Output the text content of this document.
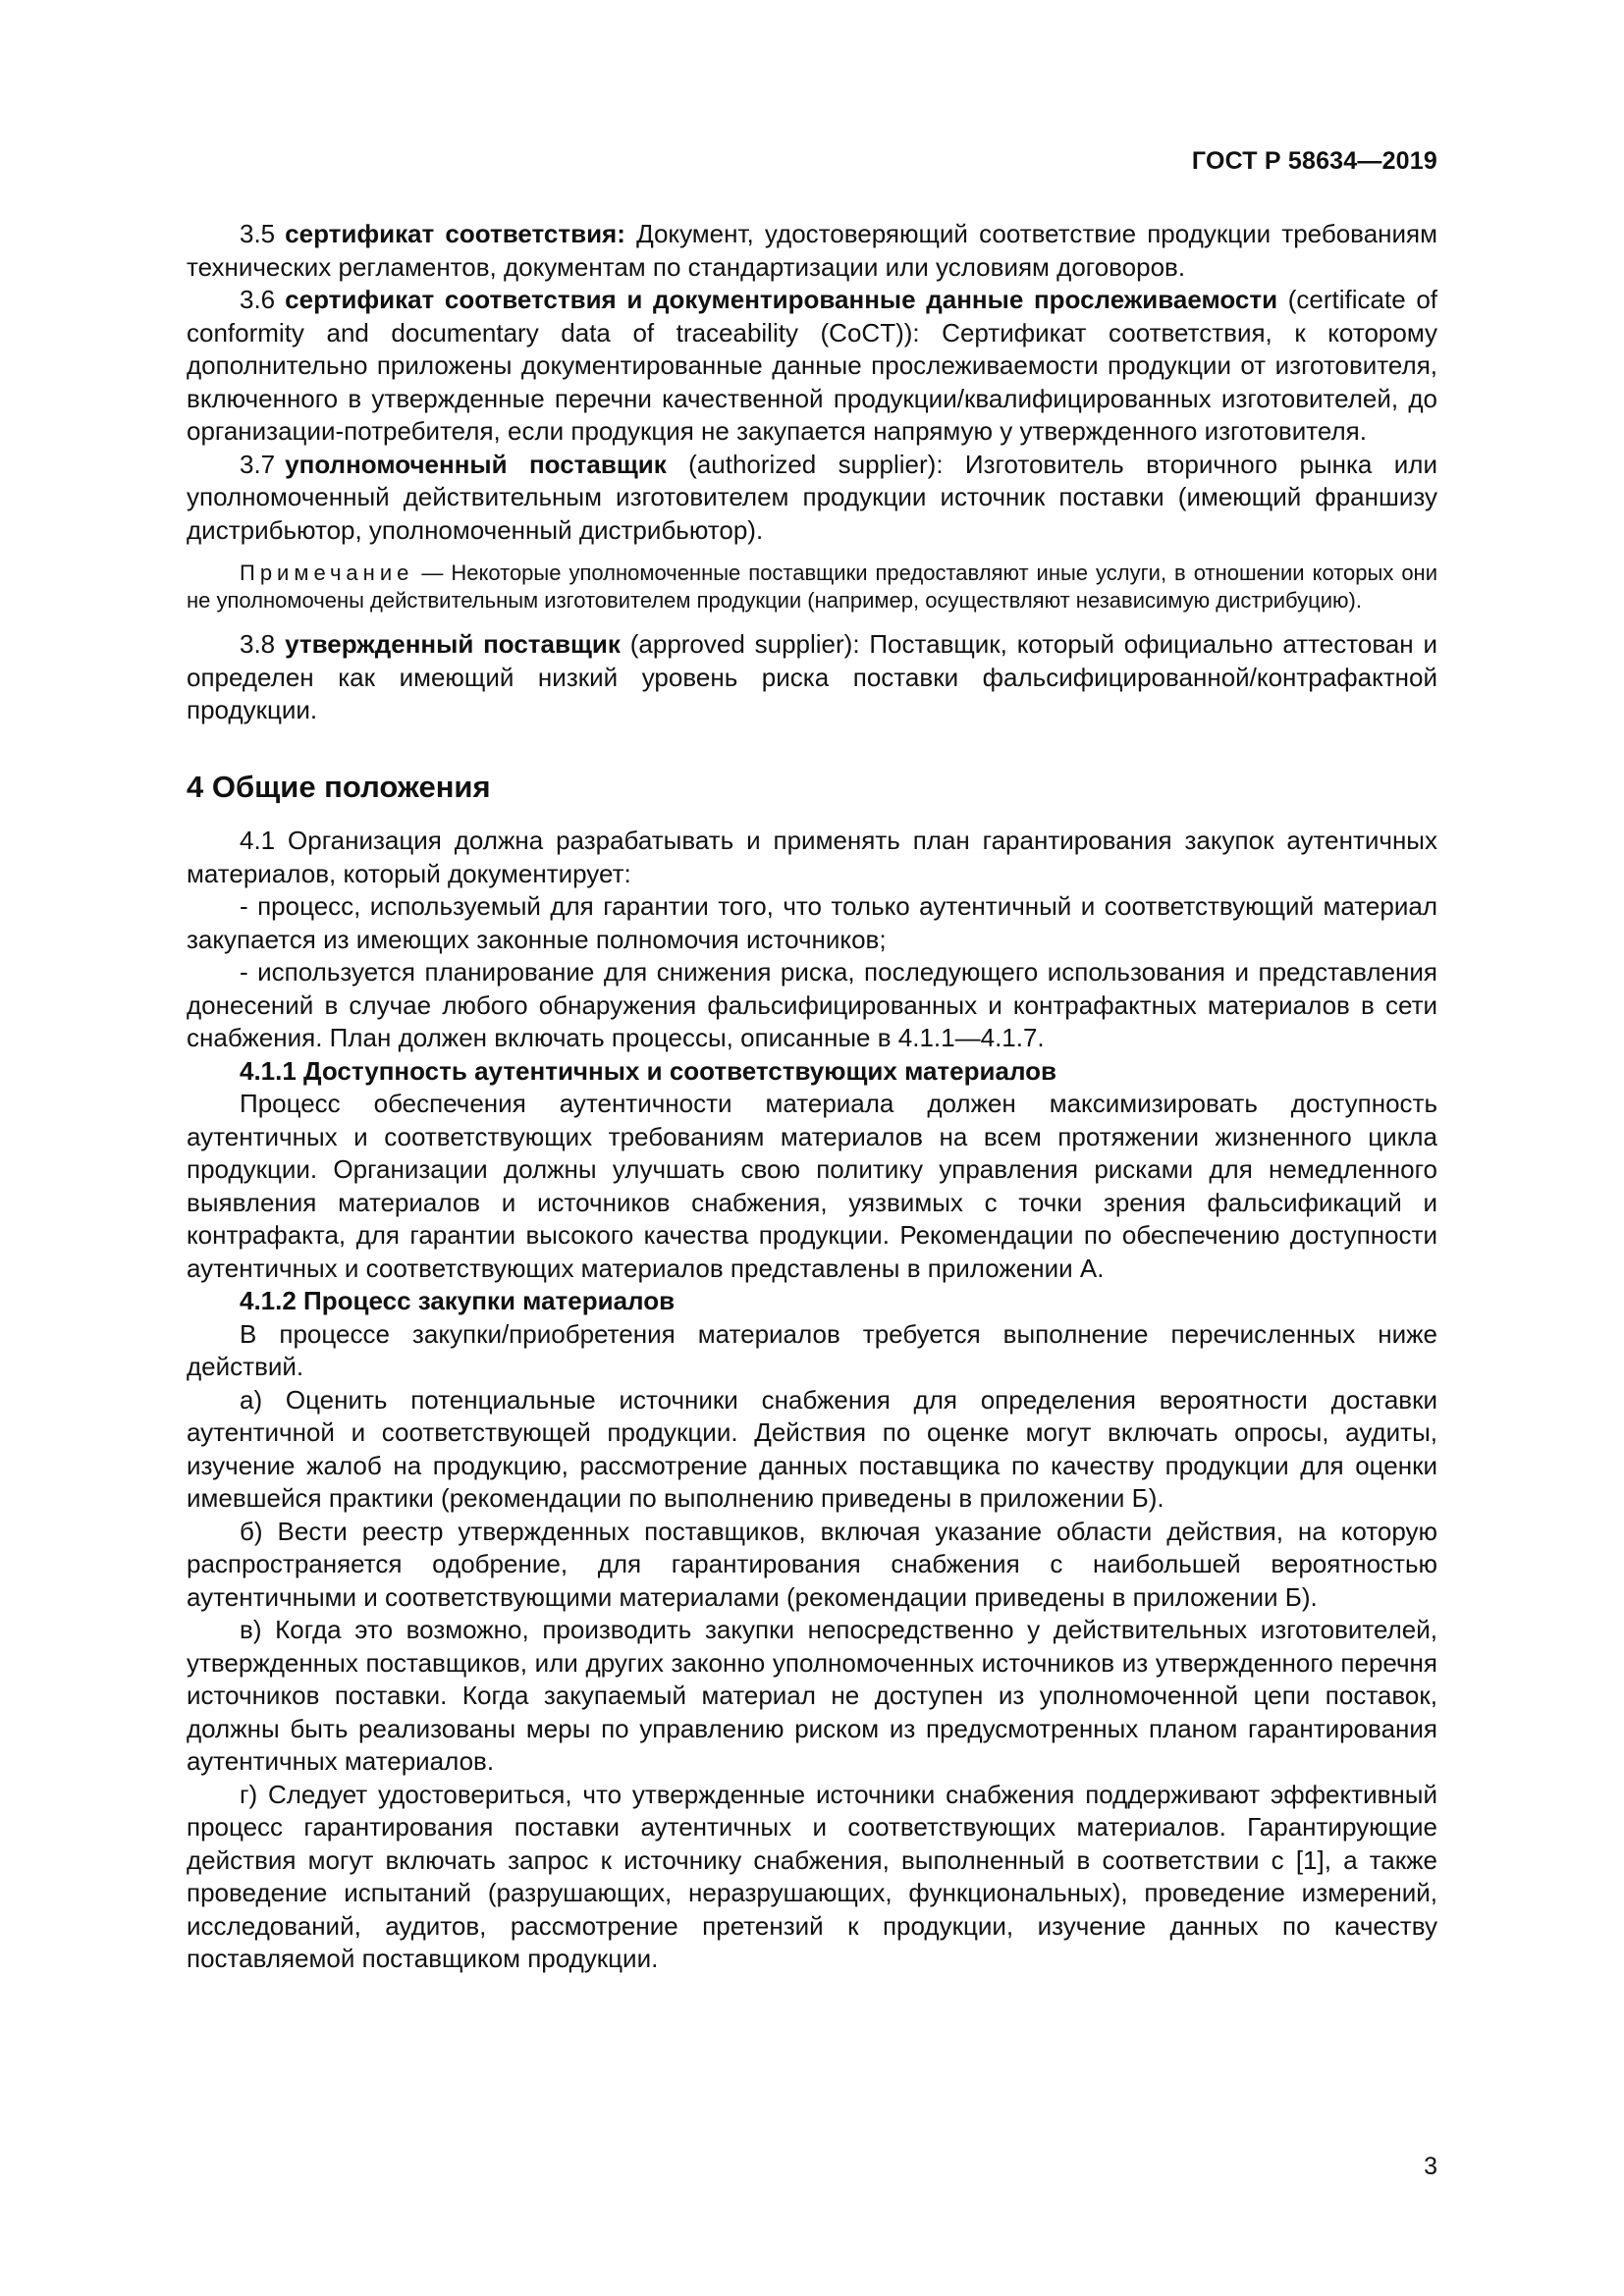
ГОСТ Р 58634—2019

3.5 сертификат соответствия: Документ, удостоверяющий соответствие продукции требованиям технических регламентов, документам по стандартизации или условиям договоров.

3.6 сертификат соответствия и документированные данные прослеживаемости (certificate of conformity and documentary data of traceability (CoCT)): Сертификат соответствия, к которому дополнительно приложены документированные данные прослеживаемости продукции от изготовителя, включенного в утвержденные перечни качественной продукции/квалифицированных изготовителей, до организации-потребителя, если продукция не закупается напрямую у утвержденного изготовителя.

3.7 уполномоченный поставщик (authorized supplier): Изготовитель вторичного рынка или уполномоченный действительным изготовителем продукции источник поставки (имеющий франшизу дистрибьютор, уполномоченный дистрибьютор).

Примечание — Некоторые уполномоченные поставщики предоставляют иные услуги, в отношении которых они не уполномочены действительным изготовителем продукции (например, осуществляют независимую дистрибуцию).

3.8 утвержденный поставщик (approved supplier): Поставщик, который официально аттестован и определен как имеющий низкий уровень риска поставки фальсифицированной/контрафактной продукции.

4 Общие положения

4.1 Организация должна разрабатывать и применять план гарантирования закупок аутентичных материалов, который документирует:

- процесс, используемый для гарантии того, что только аутентичный и соответствующий материал закупается из имеющих законные полномочия источников;

- используется планирование для снижения риска, последующего использования и представления донесений в случае любого обнаружения фальсифицированных и контрафактных материалов в сети снабжения. План должен включать процессы, описанные в 4.1.1—4.1.7.

4.1.1 Доступность аутентичных и соответствующих материалов

Процесс обеспечения аутентичности материала должен максимизировать доступность аутентичных и соответствующих требованиям материалов на всем протяжении жизненного цикла продукции. Организации должны улучшать свою политику управления рисками для немедленного выявления материалов и источников снабжения, уязвимых с точки зрения фальсификаций и контрафакта, для гарантии высокого качества продукции. Рекомендации по обеспечению доступности аутентичных и соответствующих материалов представлены в приложении А.

4.1.2 Процесс закупки материалов

В процессе закупки/приобретения материалов требуется выполнение перечисленных ниже действий.

а) Оценить потенциальные источники снабжения для определения вероятности доставки аутентичной и соответствующей продукции. Действия по оценке могут включать опросы, аудиты, изучение жалоб на продукцию, рассмотрение данных поставщика по качеству продукции для оценки имевшейся практики (рекомендации по выполнению приведены в приложении Б).

б) Вести реестр утвержденных поставщиков, включая указание области действия, на которую распространяется одобрение, для гарантирования снабжения с наибольшей вероятностью аутентичными и соответствующими материалами (рекомендации приведены в приложении Б).

в) Когда это возможно, производить закупки непосредственно у действительных изготовителей, утвержденных поставщиков, или других законно уполномоченных источников из утвержденного перечня источников поставки. Когда закупаемый материал не доступен из уполномоченной цепи поставок, должны быть реализованы меры по управлению риском из предусмотренных планом гарантирования аутентичных материалов.

г) Следует удостовериться, что утвержденные источники снабжения поддерживают эффективный процесс гарантирования поставки аутентичных и соответствующих материалов. Гарантирующие действия могут включать запрос к источнику снабжения, выполненный в соответствии с [1], а также проведение испытаний (разрушающих, неразрушающих, функциональных), проведение измерений, исследований, аудитов, рассмотрение претензий к продукции, изучение данных по качеству поставляемой поставщиком продукции.

3
